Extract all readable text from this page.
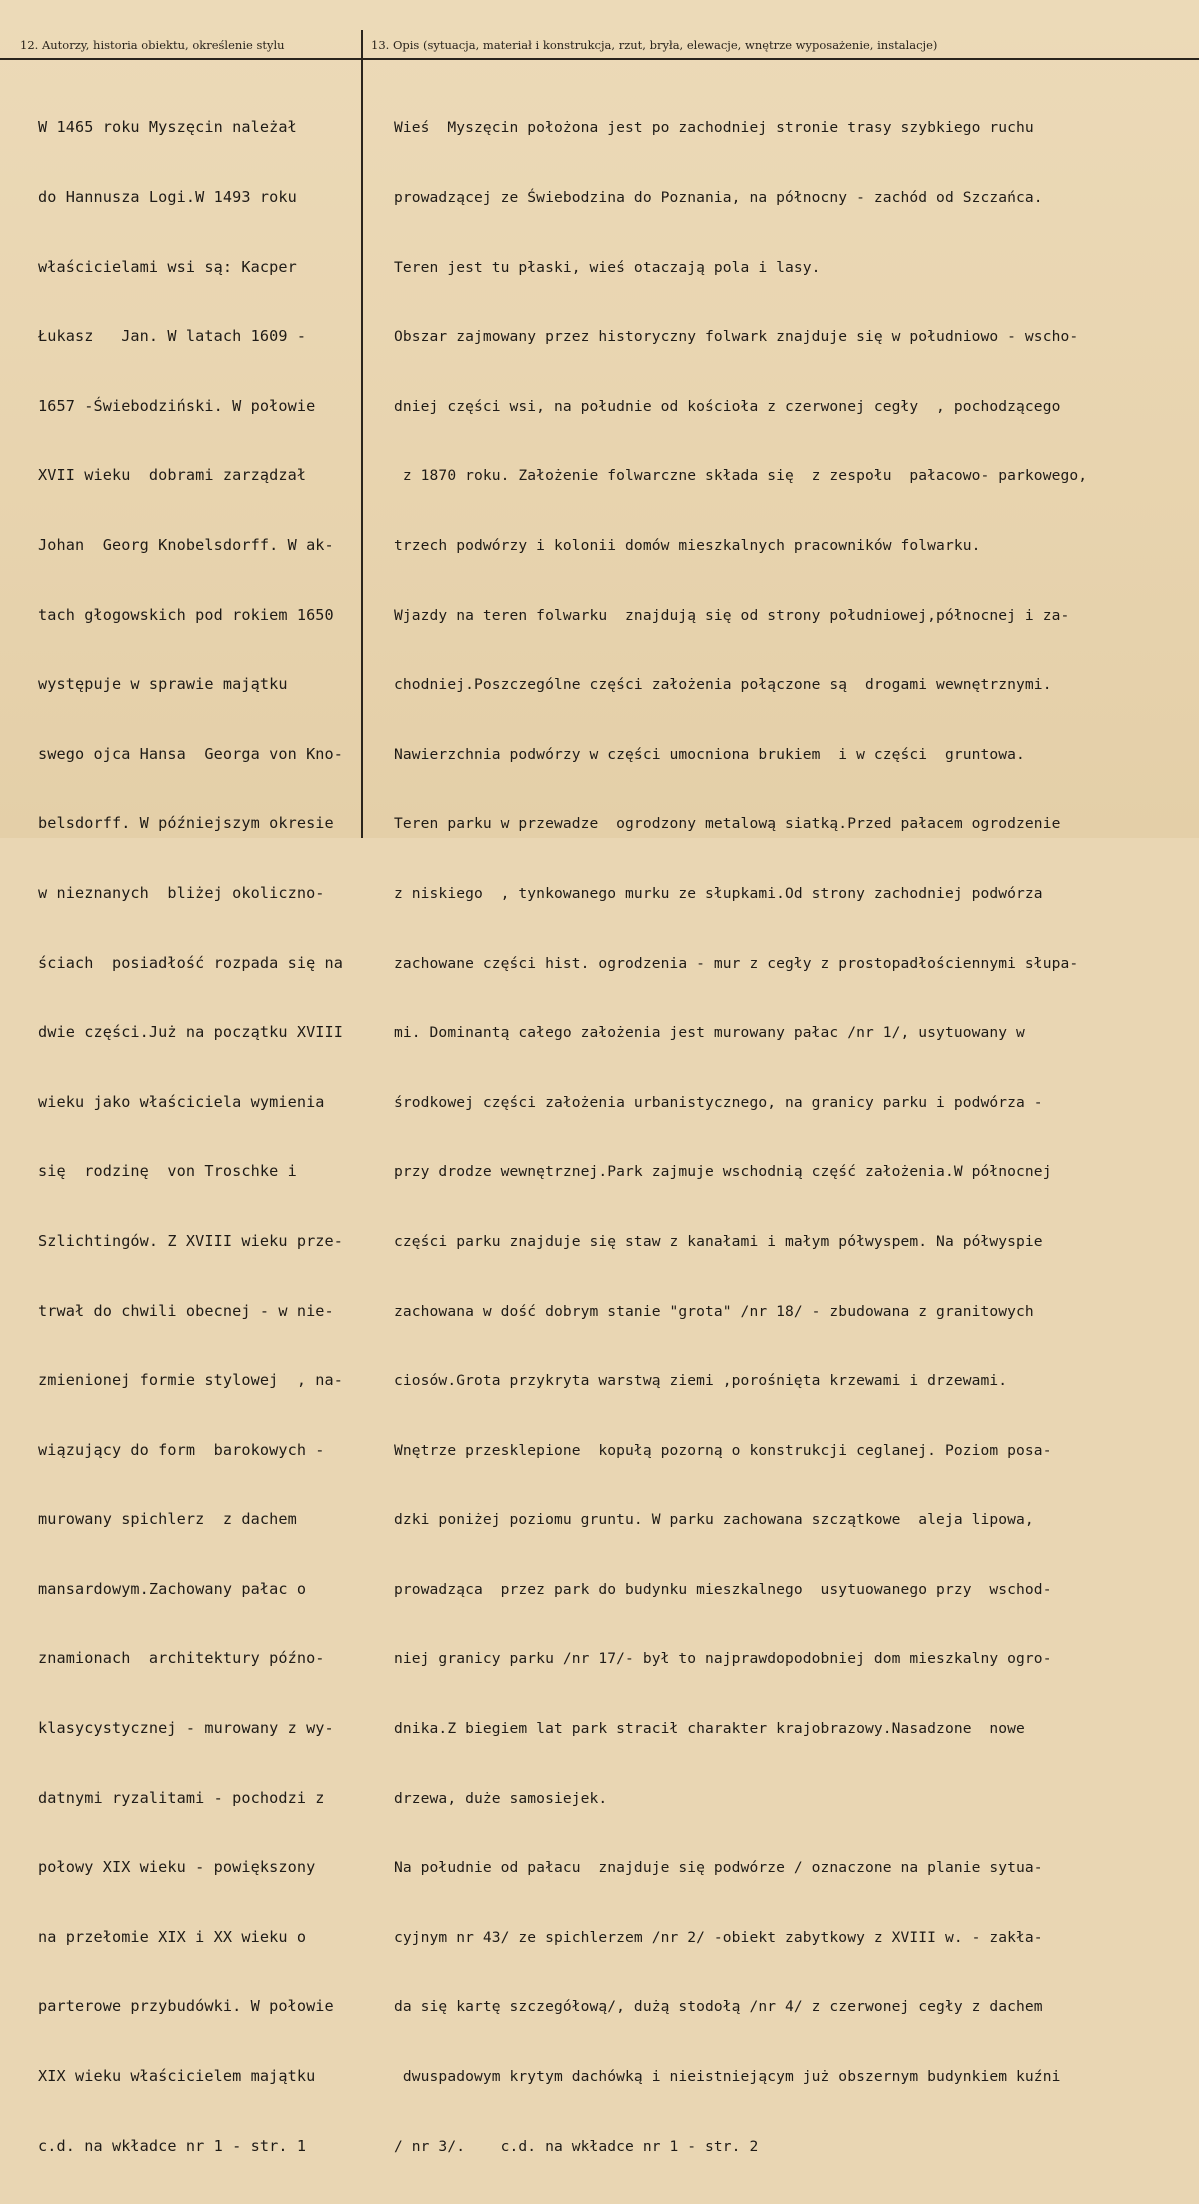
12. Autorzy, historia obiektu, określenie stylu	13. Opis (sytuacja, materiał i konstrukcja, rzut, bryła, elewacje, wnętrze wyposażenie, instalacje)

W 1465 roku Myszęcin należał

do Hannusza Logi.W 1493 roku

właścicielami wsi są: Kacper

Łukasz   Jan. W latach 1609 -

1657 -Świebodziński. W połowie

XVII wieku  dobrami zarządzał

Johan  Georg Knobelsdorff. W ak-

tach głogowskich pod rokiem 1650

występuje w sprawie majątku

swego ojca Hansa  Georga von Kno-

belsdorff. W późniejszym okresie

w nieznanych  bliżej okoliczno-

ściach  posiadłość rozpada się na

dwie części.Już na początku XVIII

wieku jako właściciela wymienia

się  rodzinę  von Troschke i

Szlichtingów. Z XVIII wieku prze-

trwał do chwili obecnej - w nie-

zmienionej formie stylowej  , na-

wiązujący do form  barokowych -

murowany spichlerz  z dachem

mansardowym.Zachowany pałac o

znamionach  architektury późno-

klasycystycznej - murowany z wy-

datnymi ryzalitami - pochodzi z

połowy XIX wieku - powiększony

na przełomie XIX i XX wieku o

parterowe przybudówki. W połowie

XIX wieku właścicielem majątku

c.d. na wkładce nr 1 - str. 1

Wieś  Myszęcin położona jest po zachodniej stronie trasy szybkiego ruchu

prowadzącej ze Świebodzina do Poznania, na północny - zachód od Szczańca.

Teren jest tu płaski, wieś otaczają pola i lasy.

Obszar zajmowany przez historyczny folwark znajduje się w południowo - wscho-

dniej części wsi, na południe od kościoła z czerwonej cegły  , pochodzącego

z 1870 roku. Założenie folwarczne składa się  z zespołu  pałacowo- parkowego,

trzech podwórzy i kolonii domów mieszkalnych pracowników folwarku.

Wjazdy na teren folwarku  znajdują się od strony południowej,północnej i za-

chodniej.Poszczególne części założenia połączone są  drogami wewnętrznymi.

Nawierzchnia podwórzy w części umocniona brukiem  i w części  gruntowa.

Teren parku w przewadze  ogrodzony metalową siatką.Przed pałacem ogrodzenie

z niskiego  , tynkowanego murku ze słupkami.Od strony zachodniej podwórza

zachowane części hist. ogrodzenia - mur z cegły z prostopadłościennymi słupa-

mi. Dominantą całego założenia jest murowany pałac /nr 1/, usytuowany w

środkowej części założenia urbanistycznego, na granicy parku i podwórza -

przy drodze wewnętrznej.Park zajmuje wschodnią część założenia.W północnej

części parku znajduje się staw z kanałami i małym półwyspem. Na półwyspie

zachowana w dość dobrym stanie "grota" /nr 18/ - zbudowana z granitowych

ciosów.Grota przykryta warstwą ziemi ,porośnięta krzewami i drzewami.

Wnętrze przesklepione  kopułą pozorną o konstrukcji ceglanej. Poziom posa-

dzki poniżej poziomu gruntu. W parku zachowana szczątkowe  aleja lipowa,

prowadząca  przez park do budynku mieszkalnego  usytuowanego przy  wschod-

niej granicy parku /nr 17/- był to najprawdopodobniej dom mieszkalny ogro-

dnika.Z biegiem lat park stracił charakter krajobrazowy.Nasadzone  nowe

drzewa, duże samosiejek.

Na południe od pałacu  znajduje się podwórze / oznaczone na planie sytua-

cyjnym nr 43/ ze spichlerzem /nr 2/ -obiekt zabytkowy z XVIII w. - zakła-

da się kartę szczegółową/, dużą stodołą /nr 4/ z czerwonej cegły z dachem

dwuspadowym krytym dachówką i nieistniejącym już obszernym budynkiem kuźni

/ nr 3/.    c.d. na wkładce nr 1 - str. 2
